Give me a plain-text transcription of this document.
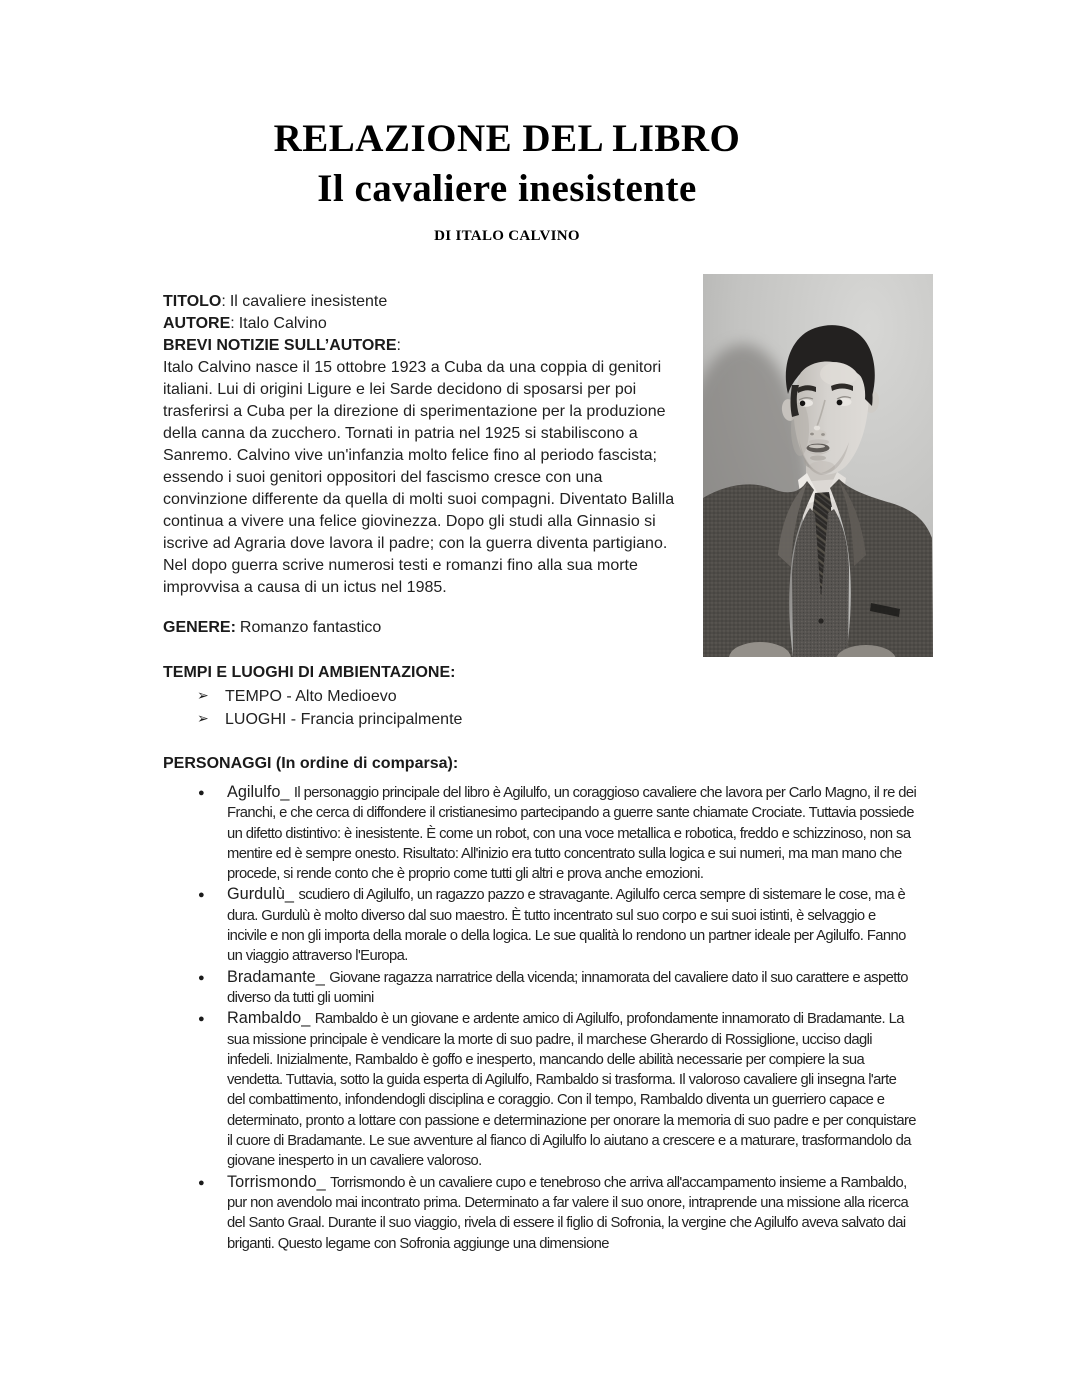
RELAZIONE DEL LIBRO
Il cavaliere inesistente
DI ITALO CALVINO
TITOLO: Il cavaliere inesistente
AUTORE: Italo Calvino
BREVI NOTIZIE SULL’AUTORE:

Italo Calvino nasce il 15 ottobre 1923 a Cuba da una coppia di genitori italiani. Lui di origini Ligure e lei Sarde decidono di sposarsi per poi trasferirsi a Cuba per la direzione di sperimentazione per la produzione della canna da zucchero. Tornati in patria nel 1925 si stabiliscono a Sanremo. Calvino vive un'infanzia molto felice fino al periodo fascista; essendo i suoi genitori oppositori del fascismo cresce con una convinzione differente da quella di molti suoi compagni. Diventato Balilla continua a vivere una felice giovinezza. Dopo gli studi alla Ginnasio si iscrive ad Agraria dove lavora il padre; con la guerra diventa partigiano. Nel dopo guerra scrive numerosi testi e romanzi fino alla sua morte improvvisa a causa di un ictus nel 1985.

GENERE: Romanzo fantastico
TEMPI E LUOGHI DI AMBIENTAZIONE:
➢ TEMPO - Alto Medioevo
➢ LUOGHI - Francia principalmente
PERSONAGGI (In ordine di comparsa):
● Agilulfo_ Il personaggio principale del libro è Agilulfo, un coraggioso cavaliere che lavora per Carlo Magno, il re dei Franchi, e che cerca di diffondere il cristianesimo partecipando a guerre sante chiamate Crociate. Tuttavia possiede un difetto distintivo: è inesistente. È come un robot, con una voce metallica e robotica, freddo e schizzinoso, non sa mentire ed è sempre onesto. Risultato: All'inizio era tutto concentrato sulla logica e sui numeri, ma man mano che procede, si rende conto che è proprio come tutti gli altri e prova anche emozioni.
● Gurdulù_ scudiero di Agilulfo, un ragazzo pazzo e stravagante. Agilulfo cerca sempre di sistemare le cose, ma è dura. Gurdulù è molto diverso dal suo maestro. È tutto incentrato sul suo corpo e sui suoi istinti, è selvaggio e incivile e non gli importa della morale o della logica. Le sue qualità lo rendono un partner ideale per Agilulfo. Fanno un viaggio attraverso l'Europa.
● Bradamante_ Giovane ragazza narratrice della vicenda; innamorata del cavaliere dato il suo carattere e aspetto diverso da tutti gli uomini
● Rambaldo_ Rambaldo è un giovane e ardente amico di Agilulfo, profondamente innamorato di Bradamante. La sua missione principale è vendicare la morte di suo padre, il marchese Gherardo di Rossiglione, ucciso dagli infedeli. Inizialmente, Rambaldo è goffo e inesperto, mancando delle abilità necessarie per compiere la sua vendetta. Tuttavia, sotto la guida esperta di Agilulfo, Rambaldo si trasforma. Il valoroso cavaliere gli insegna l'arte del combattimento, infondendogli disciplina e coraggio. Con il tempo, Rambaldo diventa un guerriero capace e determinato, pronto a lottare con passione e determinazione per onorare la memoria di suo padre e per conquistare il cuore di Bradamante. Le sue avventure al fianco di Agilulfo lo aiutano a crescere e a maturare, trasformandolo da giovane inesperto in un cavaliere valoroso.
● Torrismondo_ Torrismondo è un cavaliere cupo e tenebroso che arriva all'accampamento insieme a Rambaldo, pur non avendolo mai incontrato prima. Determinato a far valere il suo onore, intraprende una missione alla ricerca del Santo Graal. Durante il suo viaggio, rivela di essere il figlio di Sofronia, la vergine che Agilulfo aveva salvato dai briganti. Questo legame con Sofronia aggiunge una dimensione
